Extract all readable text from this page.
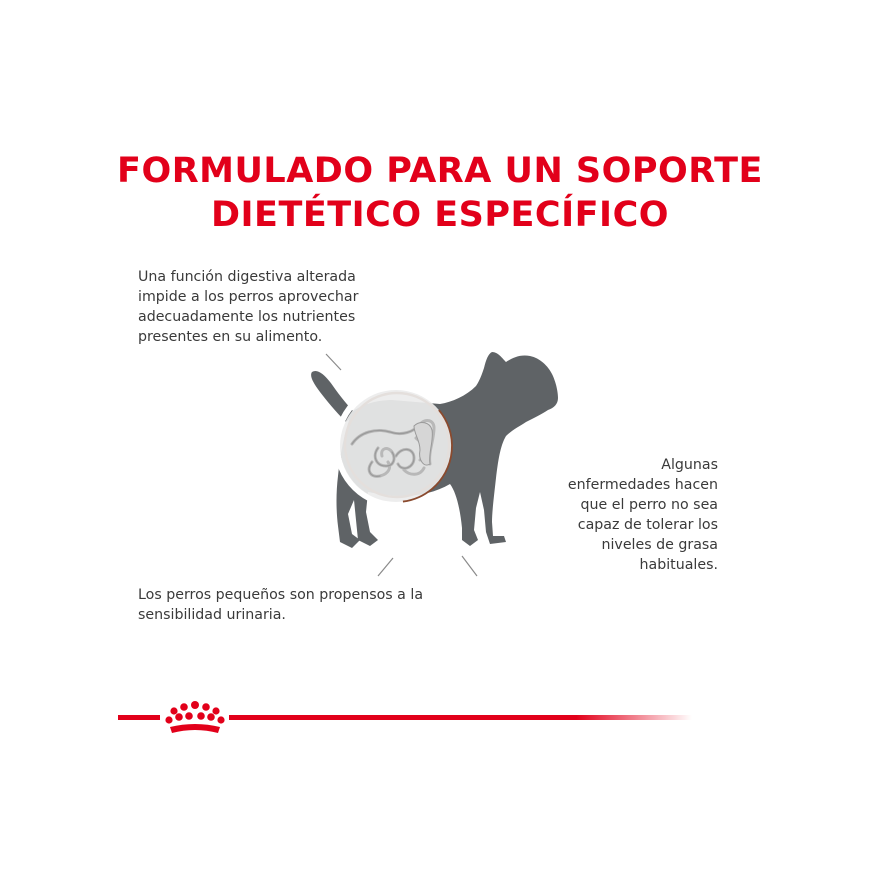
FORMULADO PARA UN SOPORTE
DIETÉTICO ESPECÍFICO
Una función digestiva alterada
impide a los perros aprovechar
adecuadamente los nutrientes
presentes en su alimento.
Algunas
enfermedades hacen
que el perro no sea
capaz de tolerar los
niveles de grasa
habituales.
Los perros pequeños son propensos a la
sensibilidad urinaria.
